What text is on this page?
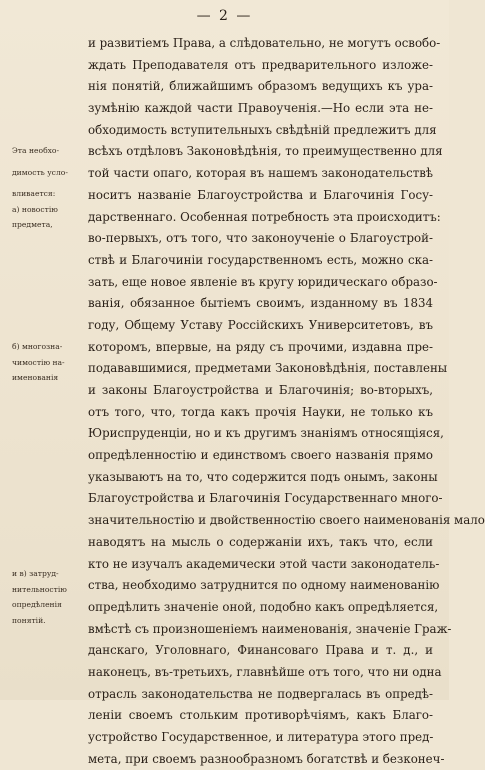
— 2 —
и развитіемъ Права, а слѣдовательно, не могутъ освобо-
ждать Преподавателя отъ предварительного изложе-
нія понятій, ближайшимъ образомъ ведущихъ къ ура-
зумѣнію каждой части Правоученія.—Но если эта не-
обходимость вступительныхъ свѣдѣній предлежитъ для
всѣхъ отдѣловъ Законовѣдѣнія, то преимущественно для
той части опаго, которая въ нашемъ законодательствѣ
носитъ названіе Благоустройства и Благочинія Госу-
дарственнаго. Особенная потребность эта происходитъ:
во-первыхъ, отъ того, что законоученіе о Благоустрой-
ствѣ и Благочиніи государственномъ есть, можно ска-
зать, еще новое явленіе въ кругу юридическаго образо-
ванія, обязанное бытіемъ своимъ, изданному въ 1834
году, Общему Уставу Россійскихъ Университетовъ, въ
которомъ, впервые, на ряду съ прочими, издавна пре-
подававшимися, предметами Законовѣдѣнія, поставлены
и законы Благоустройства и Благочинія; во-вторыхъ,
отъ того, что, тогда какъ прочія Науки, не только къ
Юриспруденціи, но и къ другимъ знаніямъ относящіяся,
опредѣленностію и единствомъ своего названія прямо
указываютъ на то, что содержится подъ онымъ, законы
Благоустройства и Благочинія Государственнаго много-
значительностію и двойственностію своего наименованія мало
наводятъ на мысль о содержаніи ихъ, такъ что, если
кто не изучалъ академически этой части законодатель-
ства, необходимо затруднится по одному наименованію
опредѣлить значеніе оной, подобно какъ опредѣляется,
вмѣстѣ съ произношеніемъ наименованія, значеніе Граж-
данскаго, Уголовнаго, Финансоваго Права и т. д., и
наконецъ, въ-третьихъ, главнѣйше отъ того, что ни одна
отрасль законодательства не подвергалась въ опредѣ-
леніи своемъ стольким противорѣчіямъ, какъ Благо-
устройство Государственное, и литература этого пред-
мета, при своемъ разнообразномъ богатствѣ и безконеч-
Эта необхо-
димость усло-
вливается:
а) новостію
предмета,
б) многозна-
чимостію на-
именованія
и в) затруд-
нительностію
опредѣленія
понятій.
